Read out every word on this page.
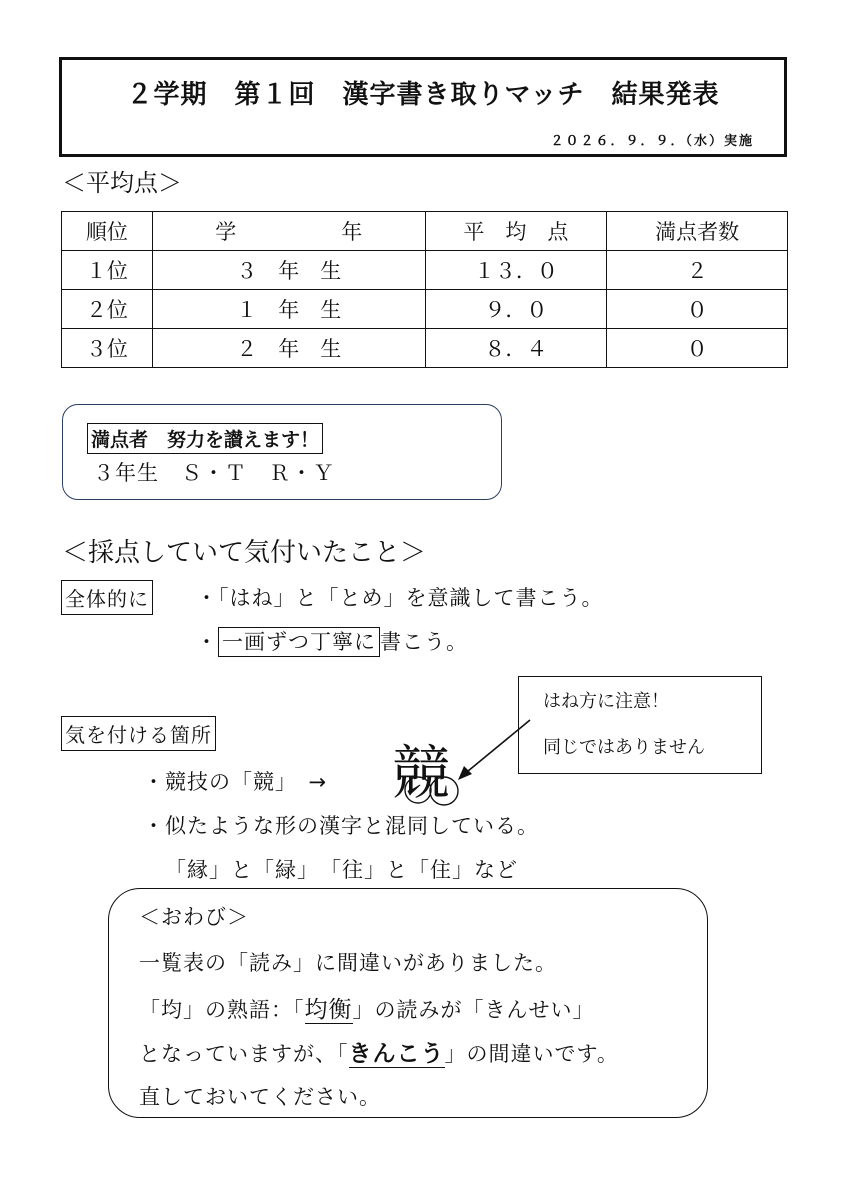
２学期　第１回　漢字書き取りマッチ　結果発表
２０２６．９．９．（水）実施
＜平均点＞
順位	学　　　　　年	平　均　点	満点者数
１位	３　年　生	１３．０	２
２位	１　年　生	９．０	０
３位	２　年　生	８．４	０
満点者　努力を讃えます！
３年生　Ｓ・Ｔ　Ｒ・Ｙ
＜採点していて気付いたこと＞
全体的に ・「はね」と「とめ」を意識して書こう。
・ 一画ずつ丁寧に 書こう。
はね方に注意！
同じではありません
気を付ける箇所
・競技の「競」　→ 競
・似たような形の漢字と混同している。
「縁」と「緑」　「往」と「住」など
＜おわび＞
一覧表の「読み」に間違いがありました。
「均」の熟語：「均衡」の読みが「きんせい」
となっていますが、「きんこう」の間違いです。
直しておいてください。
